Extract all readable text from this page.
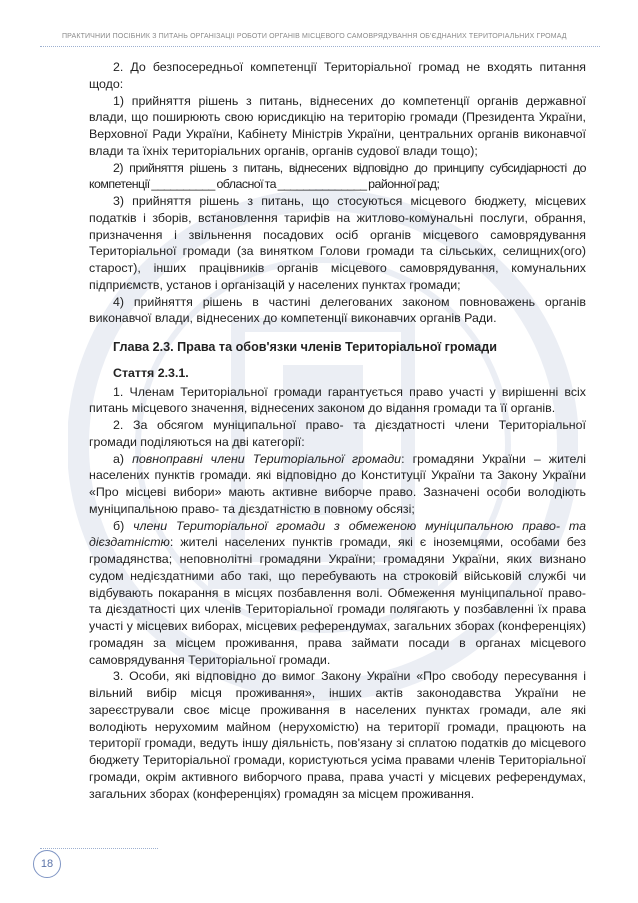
ПРАКТИЧНИЙ ПОСІБНИК З ПИТАНЬ ОРГАНІЗАЦІЇ РОБОТИ ОРГАНІВ МІСЦЕВОГО САМОВРЯДУВАННЯ ОБ'ЄДНАНИХ ТЕРИТОРІАЛЬНИХ ГРОМАД

2. До безпосередньої компетенції Територіальної громад не входять питання щодо:

1) прийняття рішень з питань, віднесених до компетенції органів державної влади, що поширюють свою юрисдикцію на територію громади (Президента України, Верховної Ради України, Кабінету Міністрів України, центральних органів виконавчої влади та їхніх територіальних органів, органів судової влади тощо);

2) прийняття рішень з питань, віднесених відповідно до принципу субсидіарності до компетенції __________ обласної та ______________ районної рад;

3) прийняття рішень з питань, що стосуються місцевого бюджету, місцевих податків і зборів, встановлення тарифів на житлово-комунальні послуги, обрання, призначення і звільнення посадових осіб органів місцевого самоврядування Територіальної громади (за винятком Голови громади та сільських, селищних(ого) старост), інших працівників органів місцевого самоврядування, комунальних підприємств, установ і організацій у населених пунктах громади;

4) прийняття рішень в частині делегованих законом повноважень органів виконавчої влади, віднесених до компетенції виконавчих органів Ради.

Глава 2.3. Права та обов'язки членів Територіальної громади

Стаття 2.3.1.

1. Членам Територіальної громади гарантується право участі у вирішенні всіх питань місцевого значення, віднесених законом до відання громади та її органів.

2. За обсягом муніципальної право- та дієздатності члени Територіальної громади поділяються на дві категорії:

а) повноправні члени Територіальної громади: громадяни України – жителі населених пунктів громади. які відповідно до Конституції України та Закону України «Про місцеві вибори» мають активне виборче право. Зазначені особи володіють муніципальною право- та дієздатністю в повному обсязі;

б) члени Територіальної громади з обмеженою муніципальною право- та дієздатністю: жителі населених пунктів громади, які є іноземцями, особами без громадянства; неповнолітні громадяни України; громадяни України, яких визнано судом недієздатними або такі, що перебувають на строковій військовій службі чи відбувають покарання в місцях позбавлення волі. Обмеження муніципальної право- та дієздатності цих членів Територіальної громади полягають у позбавленні їх права участі у місцевих виборах, місцевих референдумах, загальних зборах (конференціях) громадян за місцем проживання, права займати посади в органах місцевого самоврядування Територіальної громади.

3. Особи, які відповідно до вимог Закону України «Про свободу пересування і вільний вибір місця проживання», інших актів законодавства України не зареєстрували своє місце проживання в населених пунктах громади, але які володіють нерухомим майном (нерухомістю) на території громади, працюють на території громади, ведуть іншу діяльність, пов'язану зі сплатою податків до місцевого бюджету Територіальної громади, користуються усіма правами членів Територіальної громади, окрім активного виборчого права, права участі у місцевих референдумах, загальних зборах (конференціях) громадян за місцем проживання.

18
